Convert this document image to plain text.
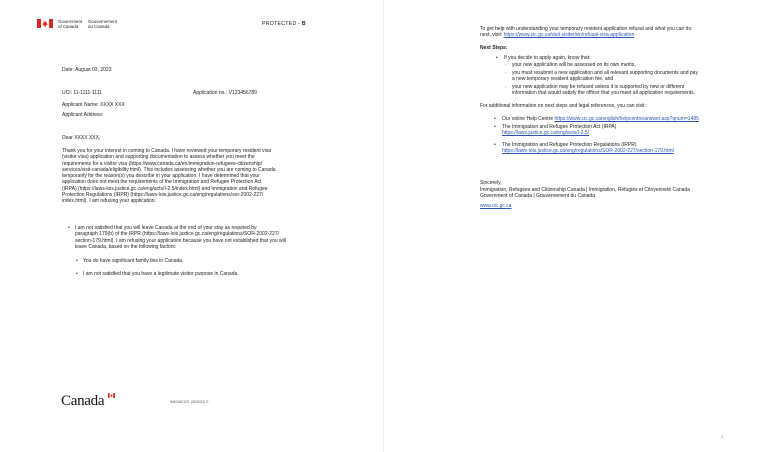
Government
of Canada
Gouvernement
du Canada	PROTECTED - B
Date: August 03, 2023
UCI: 11-1111-1111	Application no.: V123456789
Applicant Name: XXXX XXX
Applicant Address:
Dear XXXX XXX,
Thank you for your interest in coming to Canada. I have reviewed your temporary resident visa
(visitor visa) application and supporting documentation to assess whether you meet the
requirements for a visitor visa (https://www.canada.ca/en/immigration-refugees-citizenship/
services/visit-canada/eligibility.html). This includes assessing whether you are coming to Canada
temporarily for the reason(s) you describe in your application. I have determined that your
application does not meet the requirements of the Immigration and Refugee Protection Act
(IRPA) (https://laws-lois.justice.gc.ca/eng/acts/I-2.5/index.html) and Immigration and Refugee
Protection Regulations (IRPR) (https://laws-lois.justice.gc.ca/eng/regulations/sor-2002-227/
index.html). I am refusing your application.
• I am not satisfied that you will leave Canada at the end of your stay as required by
paragraph 179(b) of the IRPR (https://laws-lois.justice.gc.ca/eng/regulations/SOR-2002-227/
section-179.html). I am refusing your application because you have not established that you will
leave Canada, based on the following factors:
• You do have significant family ties in Canada.
• I am not satisfied that you have a legitimate visitor purpose in Canada.
Canada	IMM 0621/21 (05/2022) E
To get help with understanding your temporary resident application refusal and what you can do
next, visit: https://www.cic.gc.ca/visit-visiter/en/refusal-visa-application.
Next Steps:
• If you decide to apply again, know that:
◦ your new application will be assessed on its own merits,
◦ you must resubmit a new application and all relevant supporting documents and pay
a new temporary resident application fee, and
◦ your new application may be refused unless it is supported by new or different
information that would satisfy the officer that you meet all application requirements.
For additional information on next steps and legal references, you can visit:
• Our online Help Centre https://www.cic.gc.ca/english/helpcentre/answer.asp?qnum=1485
• The Immigration and Refugee Protection Act (IRPA)
https://laws.justice.gc.ca/eng/acts/I-2.5/
• The Immigration and Refugee Protection Regulations (IRPR)
https://laws-lois.justice.gc.ca/eng/regulations/SOR-2002-227/section-179.html
Sincerely,
Immigration, Refugees and Citizenship Canada | Immigration, Réfugiés et Citoyenneté Canada
Government of Canada | Gouvernement du Canada
www.cic.gc.ca
2
